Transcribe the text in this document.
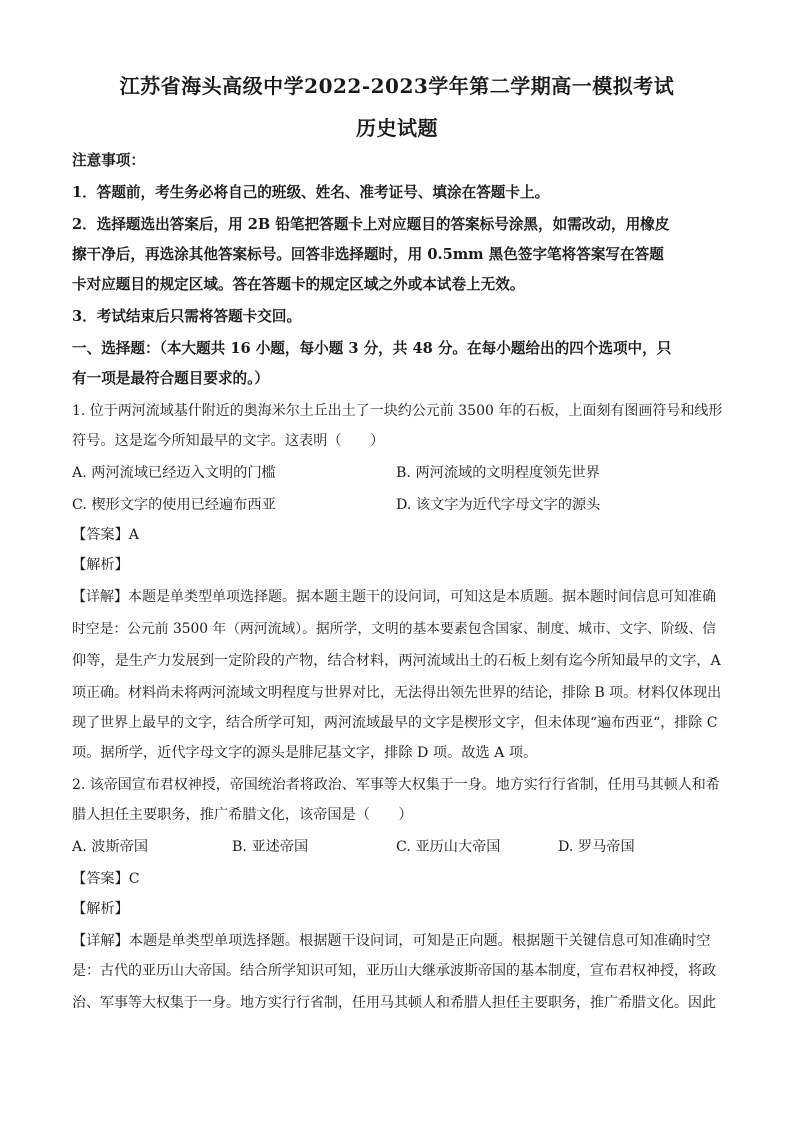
江苏省海头高级中学2022-2023学年第二学期高一模拟考试
历史试题
注意事项：
1．答题前，考生务必将自己的班级、姓名、准考证号、填涂在答题卡上。
2．选择题选出答案后，用 2B 铅笔把答题卡上对应题目的答案标号涂黑，如需改动，用橡皮
擦干净后，再选涂其他答案标号。回答非选择题时，用 0.5mm 黑色签字笔将答案写在答题
卡对应题目的规定区域。答在答题卡的规定区域之外或本试卷上无效。
3．考试结束后只需将答题卡交回。
一、选择题：（本大题共 16 小题，每小题 3 分，共 48 分。在每小题给出的四个选项中，只
有一项是最符合题目要求的。）
1. 位于两河流域基什附近的奥海米尔土丘出土了一块约公元前 3500 年的石板，上面刻有图画符号和线形
符号。这是迄今所知最早的文字。这表明（　　）
A. 两河流域已经迈入文明的门槛	B. 两河流域的文明程度领先世界
C. 楔形文字的使用已经遍布西亚	D. 该文字为近代字母文字的源头
【答案】A
【解析】
【详解】本题是单类型单项选择题。据本题主题干的设问词，可知这是本质题。据本题时间信息可知准确
时空是：公元前 3500 年（两河流域）。据所学，文明的基本要素包含国家、制度、城市、文字、阶级、信
仰等，是生产力发展到一定阶段的产物，结合材料，两河流域出土的石板上刻有迄今所知最早的文字，A
项正确。材料尚未将两河流域文明程度与世界对比，无法得出领先世界的结论，排除 B 项。材料仅体现出
现了世界上最早的文字，结合所学可知，两河流域最早的文字是楔形文字，但未体现“遍布西亚“，排除 C
项。据所学，近代字母文字的源头是腓尼基文字，排除 D 项。故选 A 项。
2. 该帝国宣布君权神授，帝国统治者将政治、军事等大权集于一身。地方实行行省制，任用马其顿人和希
腊人担任主要职务，推广希腊文化，该帝国是（　　）
A. 波斯帝国	B. 亚述帝国	C. 亚历山大帝国	D. 罗马帝国
【答案】C
【解析】
【详解】本题是单类型单项选择题。根据题干设问词，可知是正向题。根据题干关键信息可知准确时空
是：古代的亚历山大帝国。结合所学知识可知，亚历山大继承波斯帝国的基本制度，宣布君权神授，将政
治、军事等大权集于一身。地方实行行省制，任用马其顿人和希腊人担任主要职务，推广希腊文化。因此
